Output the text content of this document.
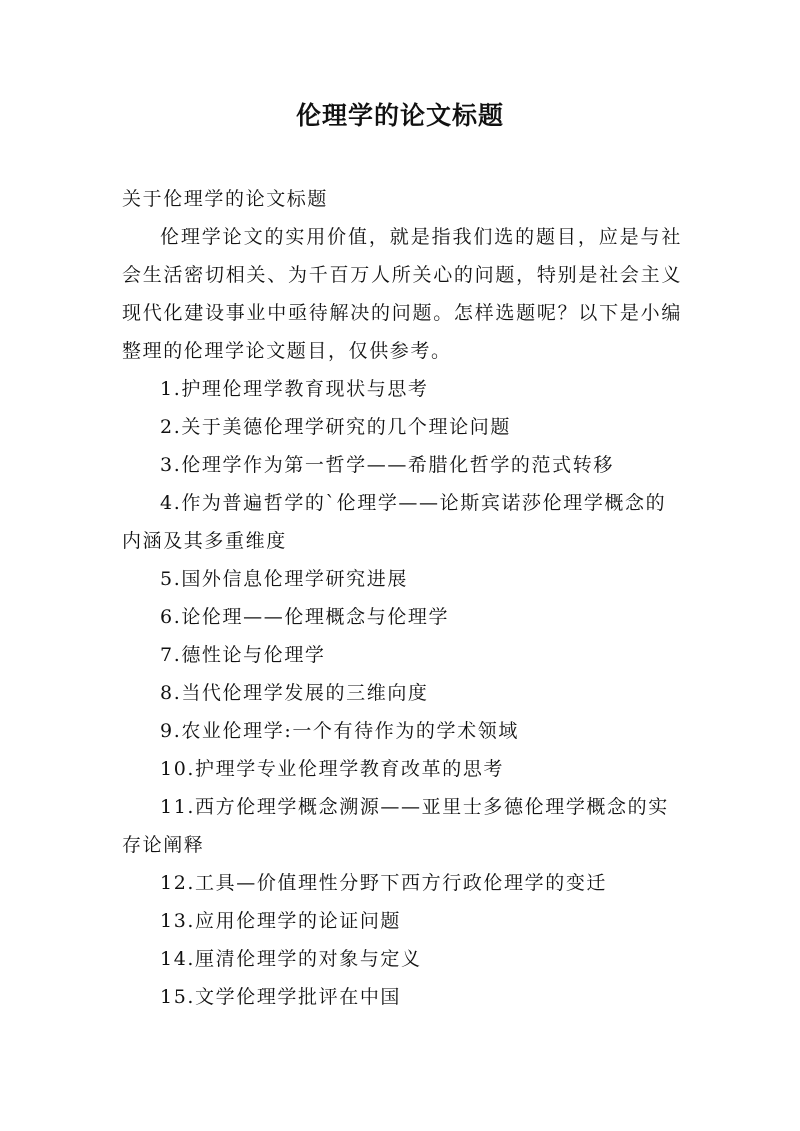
伦理学的论文标题

关于伦理学的论文标题

伦理学论文的实用价值，就是指我们选的题目，应是与社会生活密切相关、为千百万人所关心的问题，特别是社会主义现代化建设事业中亟待解决的问题。怎样选题呢？以下是小编整理的伦理学论文题目，仅供参考。

1.护理伦理学教育现状与思考

2.关于美德伦理学研究的几个理论问题

3.伦理学作为第一哲学——希腊化哲学的范式转移

4.作为普遍哲学的`伦理学——论斯宾诺莎伦理学概念的内涵及其多重维度

5.国外信息伦理学研究进展

6.论伦理——伦理概念与伦理学

7.德性论与伦理学

8.当代伦理学发展的三维向度

9.农业伦理学:一个有待作为的学术领域

10.护理学专业伦理学教育改革的思考

11.西方伦理学概念溯源——亚里士多德伦理学概念的实存论阐释

12.工具—价值理性分野下西方行政伦理学的变迁

13.应用伦理学的论证问题

14.厘清伦理学的对象与定义

15.文学伦理学批评在中国
